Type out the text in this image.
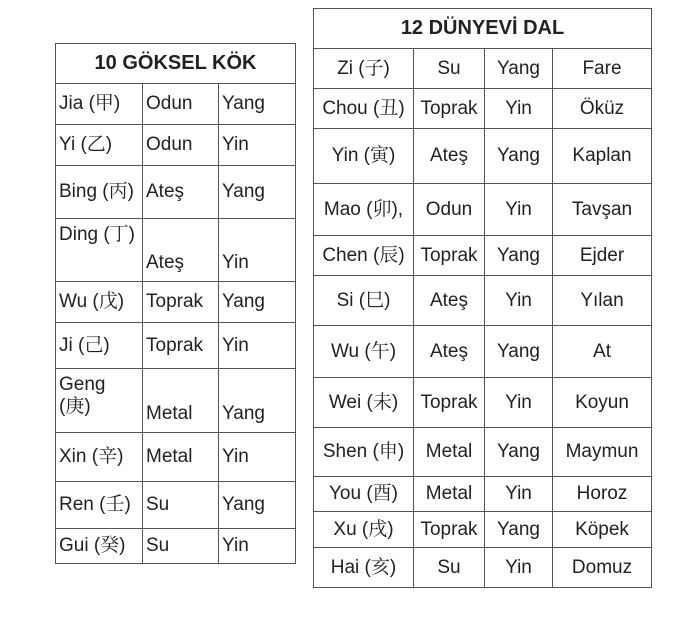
10 GÖKSEL KÖK		
Jia (甲)	Odun	Yang
Yi (乙)	Odun	Yin
Bing (丙)	Ateş	Yang
Ding (丁)	Ateş	Yin
Wu (戊)	Toprak	Yang
Ji (己)	Toprak	Yin
Geng (庚)	Metal	Yang
Xin (辛)	Metal	Yin
Ren (壬)	Su	Yang
Gui (癸)	Su	Yin
12 DÜNYEVİ DAL			
Zi (子)	Su	Yang	Fare
Chou (丑)	Toprak	Yin	Öküz
Yin (寅)	Ateş	Yang	Kaplan
Mao (卯),	Odun	Yin	Tavşan
Chen (辰)	Toprak	Yang	Ejder
Si (巳)	Ateş	Yin	Yılan
Wu (午)	Ateş	Yang	At
Wei (未)	Toprak	Yin	Koyun
Shen (申)	Metal	Yang	Maymun
You (酉)	Metal	Yin	Horoz
Xu (戌)	Toprak	Yang	Köpek
Hai (亥)	Su	Yin	Domuz
